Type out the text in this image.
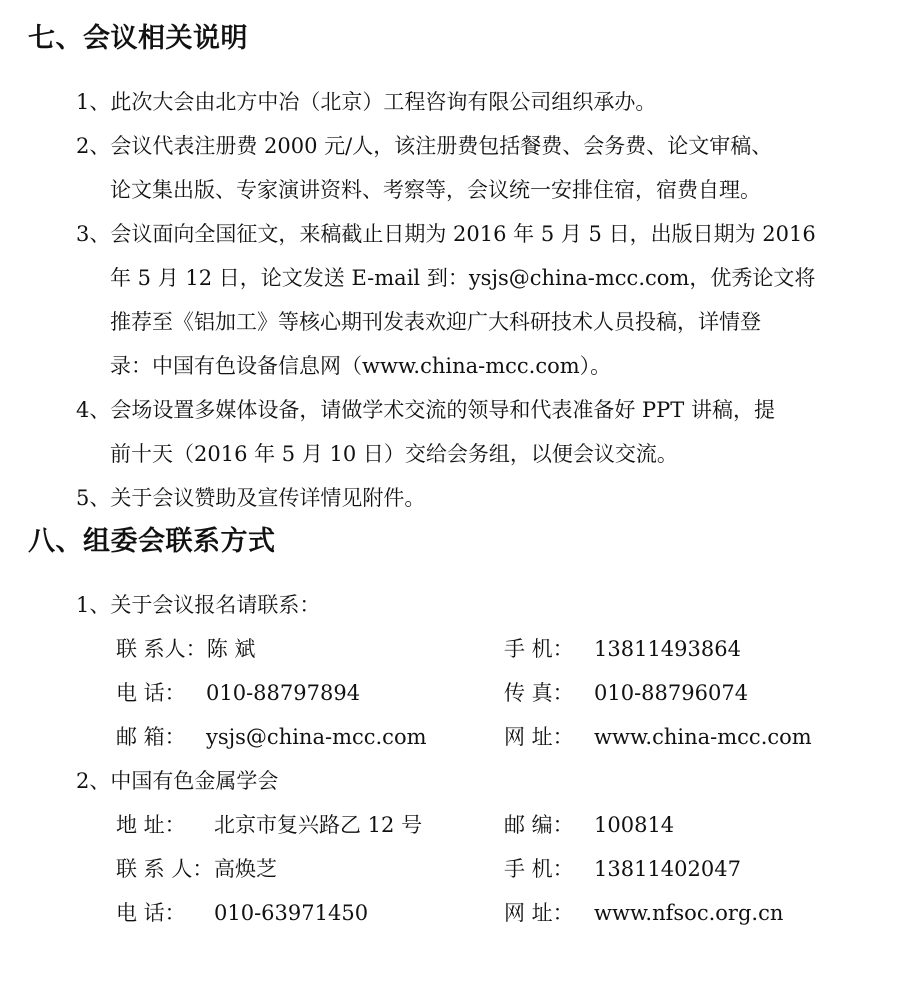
七、会议相关说明
1、此次大会由北方中冶（北京）工程咨询有限公司组织承办。
2、会议代表注册费 2000 元/人，该注册费包括餐费、会务费、论文审稿、
论文集出版、专家演讲资料、考察等，会议统一安排住宿，宿费自理。
3、会议面向全国征文，来稿截止日期为 2016 年 5 月 5 日，出版日期为 2016
年 5 月 12 日，论文发送 E-mail 到：ysjs@china-mcc.com，优秀论文将
推荐至《铝加工》等核心期刊发表欢迎广大科研技术人员投稿，详情登
录：中国有色设备信息网（www.china-mcc.com）。
4、会场设置多媒体设备，请做学术交流的领导和代表准备好 PPT 讲稿，提
前十天（2016 年 5 月 10 日）交给会务组，以便会议交流。
5、关于会议赞助及宣传详情见附件。
八、组委会联系方式
1、关于会议报名请联系：
联 系人：陈 斌	手 机： 13811493864
电 话： 010-88797894	传 真： 010-88796074
邮 箱： ysjs@china-mcc.com	网 址： www.china-mcc.com
2、中国有色金属学会
地 址： 北京市复兴路乙 12 号	邮 编： 100814
联 系 人：高焕芝	手 机： 13811402047
电 话： 010-63971450	网 址： www.nfsoc.org.cn
